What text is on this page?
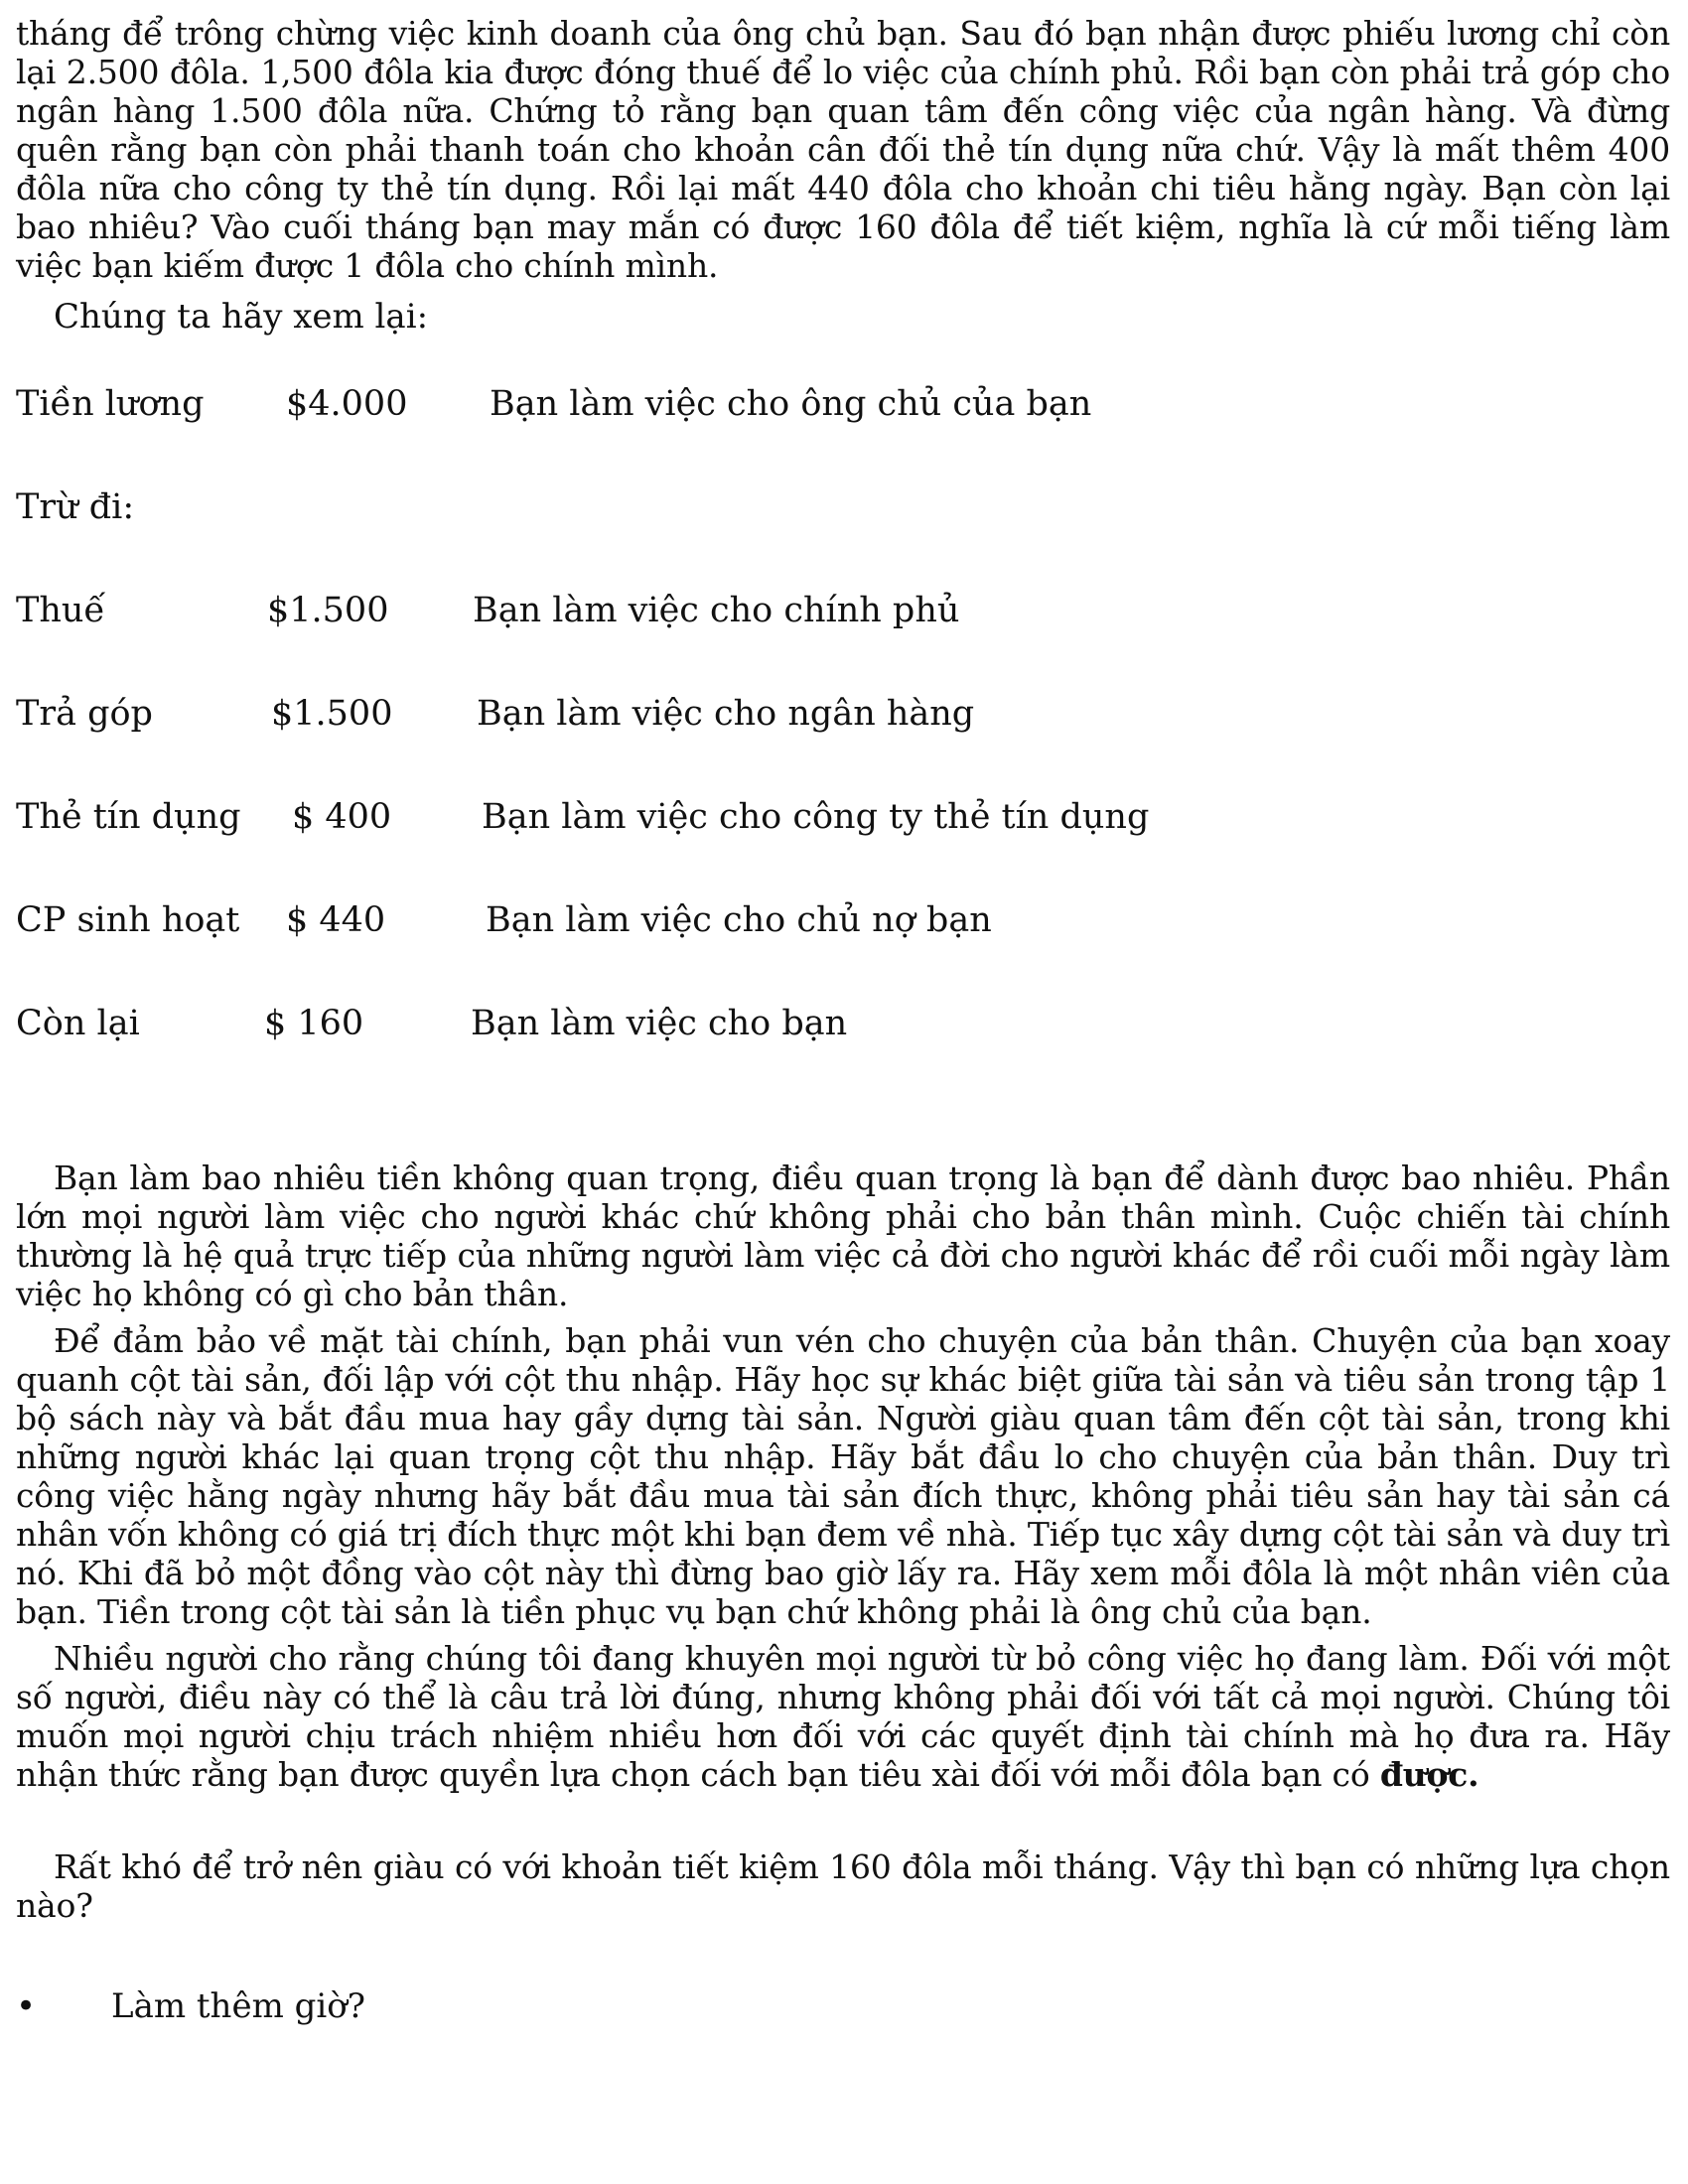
tháng để trông chừng việc kinh doanh của ông chủ bạn. Sau đó bạn nhận được phiếu lương chỉ còn lại 2.500 đôla. 1,500 đôla kia được đóng thuế để lo việc của chính phủ. Rồi bạn còn phải trả góp cho ngân hàng 1.500 đôla nữa. Chứng tỏ rằng bạn quan tâm đến công việc của ngân hàng. Và đừng quên rằng bạn còn phải thanh toán cho khoản cân đối thẻ tín dụng nữa chứ. Vậy là mất thêm 400 đôla nữa cho công ty thẻ tín dụng. Rồi lại mất 440 đôla cho khoản chi tiêu hằng ngày. Bạn còn lại bao nhiêu? Vào cuối tháng bạn may mắn có được 160 đôla để tiết kiệm, nghĩa là cứ mỗi tiếng làm việc bạn kiếm được 1 đôla cho chính mình.

Chúng ta hãy xem lại:

Tiền lương $4.000 Bạn làm việc cho ông chủ của bạn
Trừ đi:
Thuế	$1.500 Bạn làm việc cho chính phủ
Trả góp	$1.500 Bạn làm việc cho ngân hàng
Thẻ tín dụng $ 400	Bạn làm việc cho công ty thẻ tín dụng
CP sinh hoạt $ 440	Bạn làm việc cho chủ nợ bạn
Còn lại	$ 160	Bạn làm việc cho bạn

Bạn làm bao nhiêu tiền không quan trọng, điều quan trọng là bạn để dành được bao nhiêu. Phần lớn mọi người làm việc cho người khác chứ không phải cho bản thân mình. Cuộc chiến tài chính thường là hệ quả trực tiếp của những người làm việc cả đời cho người khác để rồi cuối mỗi ngày làm việc họ không có gì cho bản thân.

Để đảm bảo về mặt tài chính, bạn phải vun vén cho chuyện của bản thân. Chuyện của bạn xoay quanh cột tài sản, đối lập với cột thu nhập. Hãy học sự khác biệt giữa tài sản và tiêu sản trong tập 1 bộ sách này và bắt đầu mua hay gầy dựng tài sản. Người giàu quan tâm đến cột tài sản, trong khi những người khác lại quan trọng cột thu nhập. Hãy bắt đầu lo cho chuyện của bản thân. Duy trì công việc hằng ngày nhưng hãy bắt đầu mua tài sản đích thực, không phải tiêu sản hay tài sản cá nhân vốn không có giá trị đích thực một khi bạn đem về nhà. Tiếp tục xây dựng cột tài sản và duy trì nó. Khi đã bỏ một đồng vào cột này thì đừng bao giờ lấy ra. Hãy xem mỗi đôla là một nhân viên của bạn. Tiền trong cột tài sản là tiền phục vụ bạn chứ không phải là ông chủ của bạn.

Nhiều người cho rằng chúng tôi đang khuyên mọi người từ bỏ công việc họ đang làm. Đối với một số người, điều này có thể là câu trả lời đúng, nhưng không phải đối với tất cả mọi người. Chúng tôi muốn mọi người chịu trách nhiệm nhiều hơn đối với các quyết định tài chính mà họ đưa ra. Hãy nhận thức rằng bạn được quyền lựa chọn cách bạn tiêu xài đối với mỗi đôla bạn có được.

Rất khó để trở nên giàu có với khoản tiết kiệm 160 đôla mỗi tháng. Vậy thì bạn có những lựa chọn nào?

• Làm thêm giờ?
